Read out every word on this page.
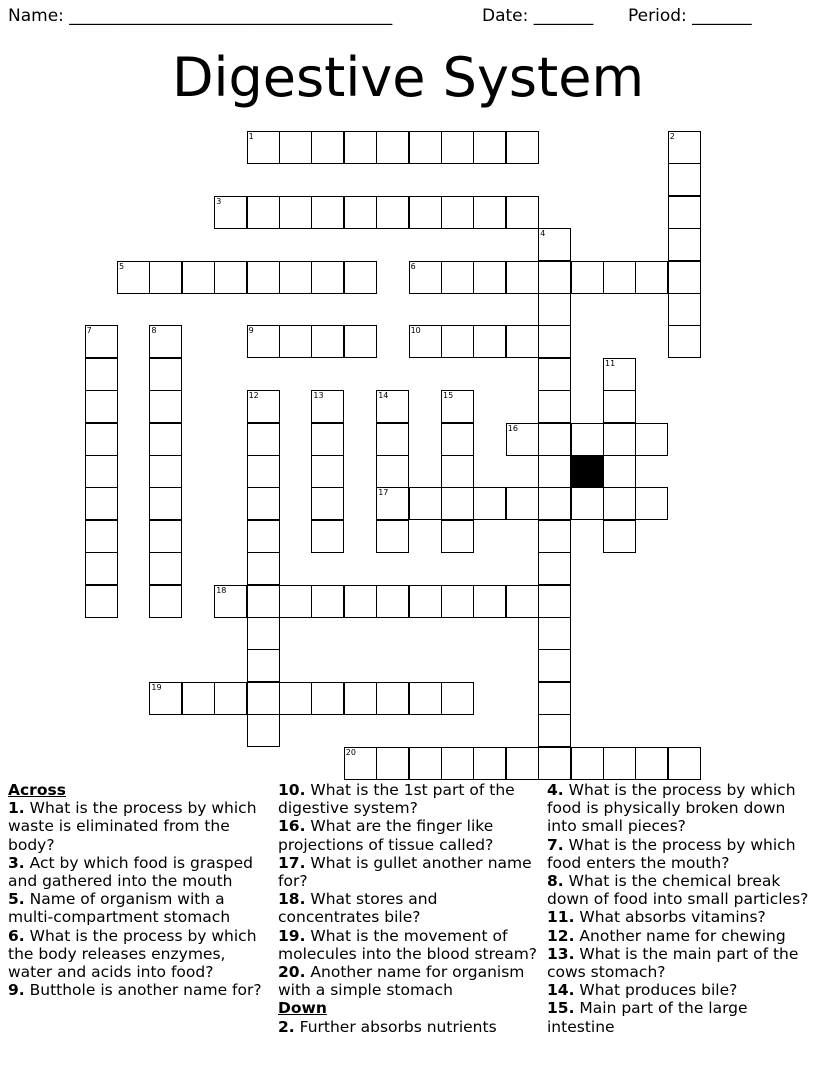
Name: ______________________________________	Date: _______ Period: _______
Digestive System
1
3
5	6
9	10
16
17
18
19
20
2
4
7	8
11
12	13	14	15
Across
1. What is the process by which waste is eliminated from the body?
3. Act by which food is grasped and gathered into the mouth
5. Name of organism with a multi-compartment stomach
6. What is the process by which the body releases enzymes, water and acids into food?
9. Butthole is another name for?
10. What is the 1st part of the digestive system?
16. What are the finger like projections of tissue called?
17. What is gullet another name for?
18. What stores and concentrates bile?
19. What is the movement of molecules into the blood stream?
20. Another name for organism with a simple stomach
Down
2. Further absorbs nutrients
4. What is the process by which food is physically broken down into small pieces?
7. What is the process by which food enters the mouth?
8. What is the chemical break down of food into small particles?
11. What absorbs vitamins?
12. Another name for chewing
13. What is the main part of the cows stomach?
14. What produces bile?
15. Main part of the large intestine
